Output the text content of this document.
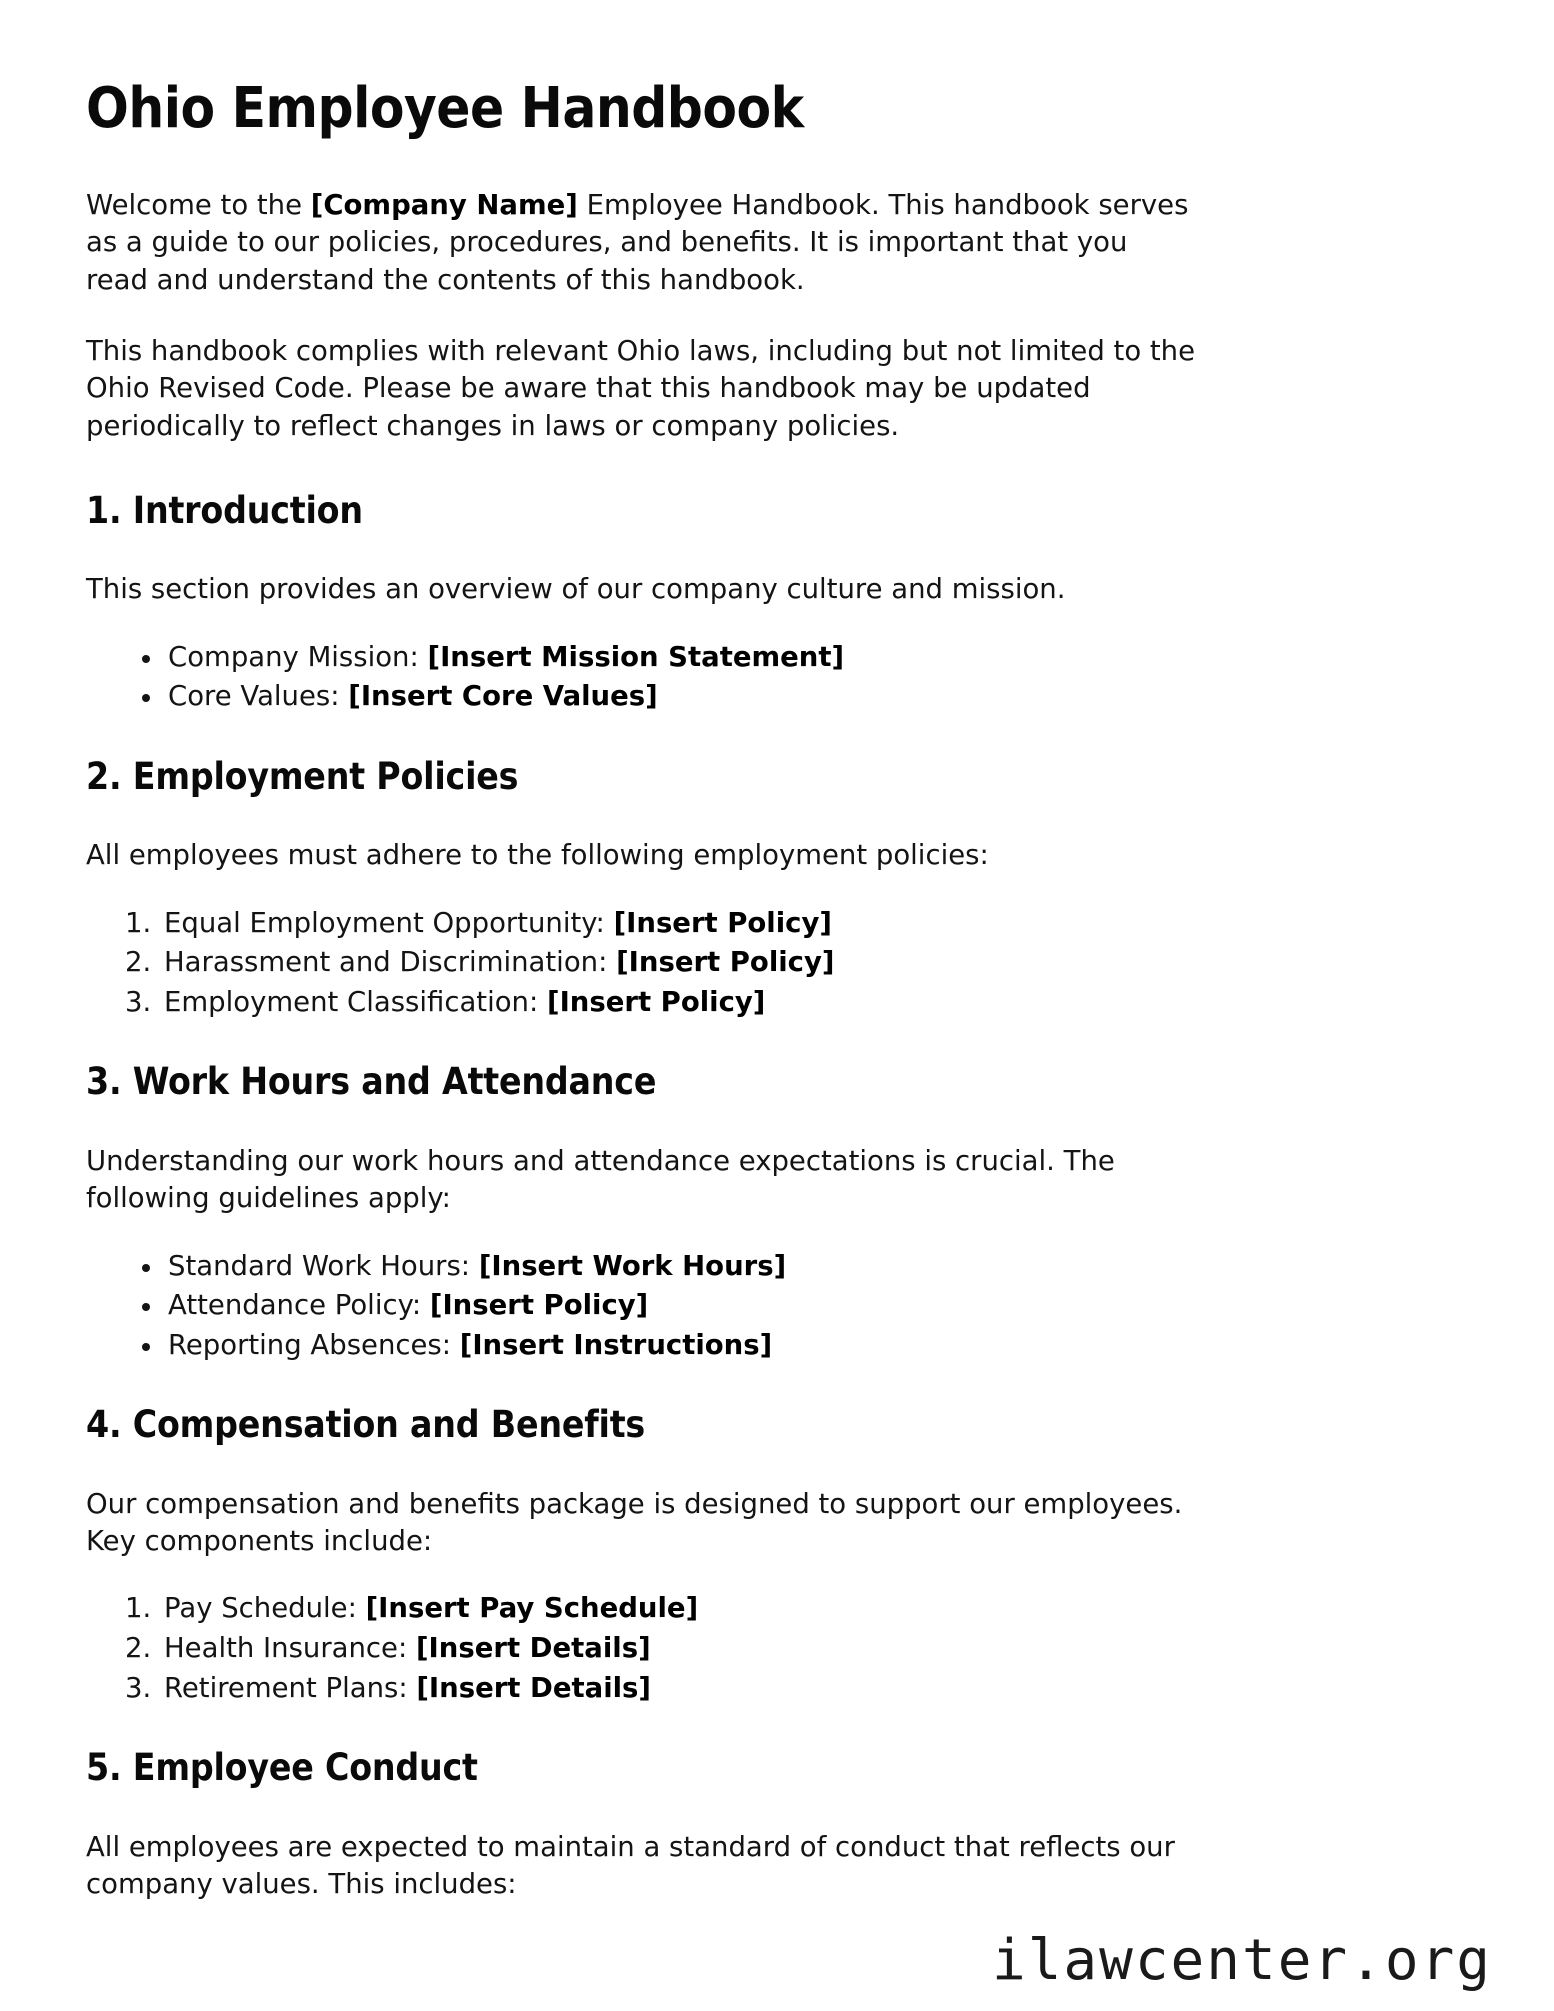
Ohio Employee Handbook

Welcome to the [Company Name] Employee Handbook. This handbook serves as a guide to our policies, procedures, and benefits. It is important that you read and understand the contents of this handbook.

This handbook complies with relevant Ohio laws, including but not limited to the Ohio Revised Code. Please be aware that this handbook may be updated periodically to reflect changes in laws or company policies.

1. Introduction

This section provides an overview of our company culture and mission.

• Company Mission: [Insert Mission Statement]
• Core Values: [Insert Core Values]
2. Employment Policies

All employees must adhere to the following employment policies:

1. Equal Employment Opportunity: [Insert Policy]
2. Harassment and Discrimination: [Insert Policy]
3. Employment Classification: [Insert Policy]
3. Work Hours and Attendance

Understanding our work hours and attendance expectations is crucial. The following guidelines apply:

• Standard Work Hours: [Insert Work Hours]
• Attendance Policy: [Insert Policy]
• Reporting Absences: [Insert Instructions]
4. Compensation and Benefits

Our compensation and benefits package is designed to support our employees. Key components include:

1. Pay Schedule: [Insert Pay Schedule]
2. Health Insurance: [Insert Details]
3. Retirement Plans: [Insert Details]
5. Employee Conduct

All employees are expected to maintain a standard of conduct that reflects our company values. This includes:

ilawcenter.org
